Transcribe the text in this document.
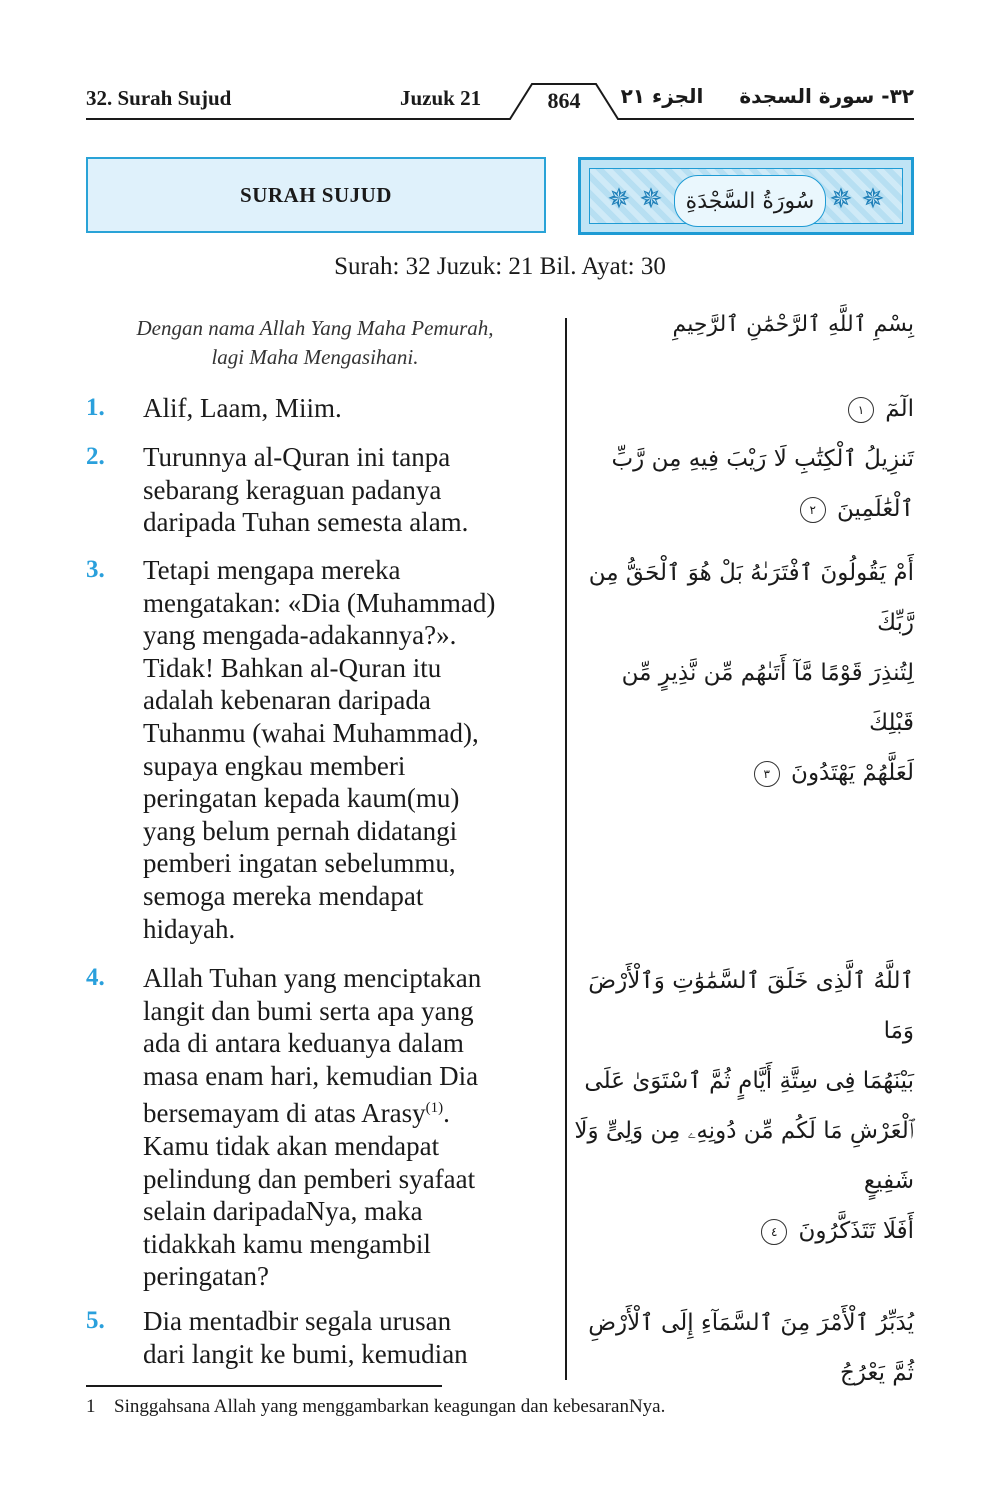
32. Surah Sujud	Juzuk 21	864	الجزء ٢١	٣٢- سورة السجدة
SURAH SUJUD	✵ ✵ سُورَةُ السَّجْدَةِ ✵ ✵
Surah: 32 Juzuk: 21 Bil. Ayat: 30
Dengan nama Allah Yang Maha Pemurah,
lagi Maha Mengasihani.
بِسْمِ ٱللَّهِ ٱلرَّحْمَٰنِ ٱلرَّحِيمِ
1. Alif, Laam, Miim.	الٓمٓ ١
2. Turunnya al-Quran ini tanpa
sebarang keraguan padanya
daripada Tuhan semesta alam.
تَنزِيلُ ٱلْكِتَٰبِ لَا رَيْبَ فِيهِ مِن رَّبِّ
ٱلْعَٰلَمِينَ ٢
3. Tetapi mengapa mereka
mengatakan: «Dia (Muhammad)
yang mengada-adakannya?».
Tidak! Bahkan al-Quran itu
adalah kebenaran daripada
Tuhanmu (wahai Muhammad),
supaya engkau memberi
peringatan kepada kaum(mu)
yang belum pernah didatangi
pemberi ingatan sebelummu,
semoga mereka mendapat
hidayah.
أَمْ يَقُولُونَ ٱفْتَرَىٰهُ بَلْ هُوَ ٱلْحَقُّ مِن رَّبِّكَ
لِتُنذِرَ قَوْمًا مَّآ أَتَىٰهُم مِّن نَّذِيرٍ مِّن قَبْلِكَ
لَعَلَّهُمْ يَهْتَدُونَ ٣
4. Allah Tuhan yang menciptakan
langit dan bumi serta apa yang
ada di antara keduanya dalam
masa enam hari, kemudian Dia
bersemayam di atas Arasy$^{(1)}$.
Kamu tidak akan mendapat
pelindung dan pemberi syafaat
selain daripadaNya, maka
tidakkah kamu mengambil
peringatan?
ٱللَّهُ ٱلَّذِى خَلَقَ ٱلسَّمَٰوَٰتِ وَٱلْأَرْضَ وَمَا
بَيْنَهُمَا فِى سِتَّةِ أَيَّامٍ ثُمَّ ٱسْتَوَىٰ عَلَى
ٱلْعَرْشِ مَا لَكُم مِّن دُونِهِۦ مِن وَلِىٍّ وَلَا شَفِيعٍ
أَفَلَا تَتَذَكَّرُونَ ٤
5. Dia mentadbir segala urusan
dari langit ke bumi, kemudian
يُدَبِّرُ ٱلْأَمْرَ مِنَ ٱلسَّمَآءِ إِلَى ٱلْأَرْضِ ثُمَّ يَعْرُجُ
1 Singgahsana Allah yang menggambarkan keagungan dan kebesaranNya.
